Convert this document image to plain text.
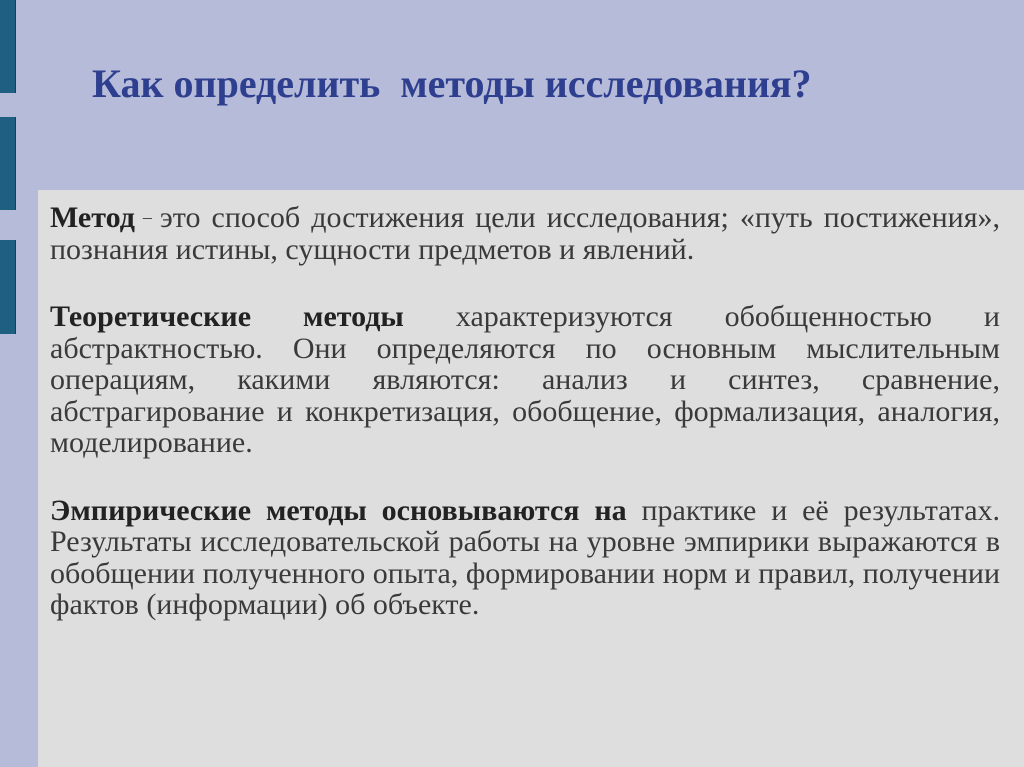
Как определить  методы исследования?

Метод – это способ достижения цели исследования; «путь постижения», познания истины, сущности предметов и явлений.

Теоретические методы характеризуются обобщенностью и абстрактностью. Они определяются по основным мыслительным операциям, какими являются: анализ и синтез, сравнение, абстрагирование и конкретизация, обобщение, формализация, аналогия, моделирование.

Эмпирические методы основываются на практике и её результатах. Результаты исследовательской работы на уровне эмпирики выражаются в обобщении полученного опыта, формировании норм и правил, получении фактов (информации) об объекте.
